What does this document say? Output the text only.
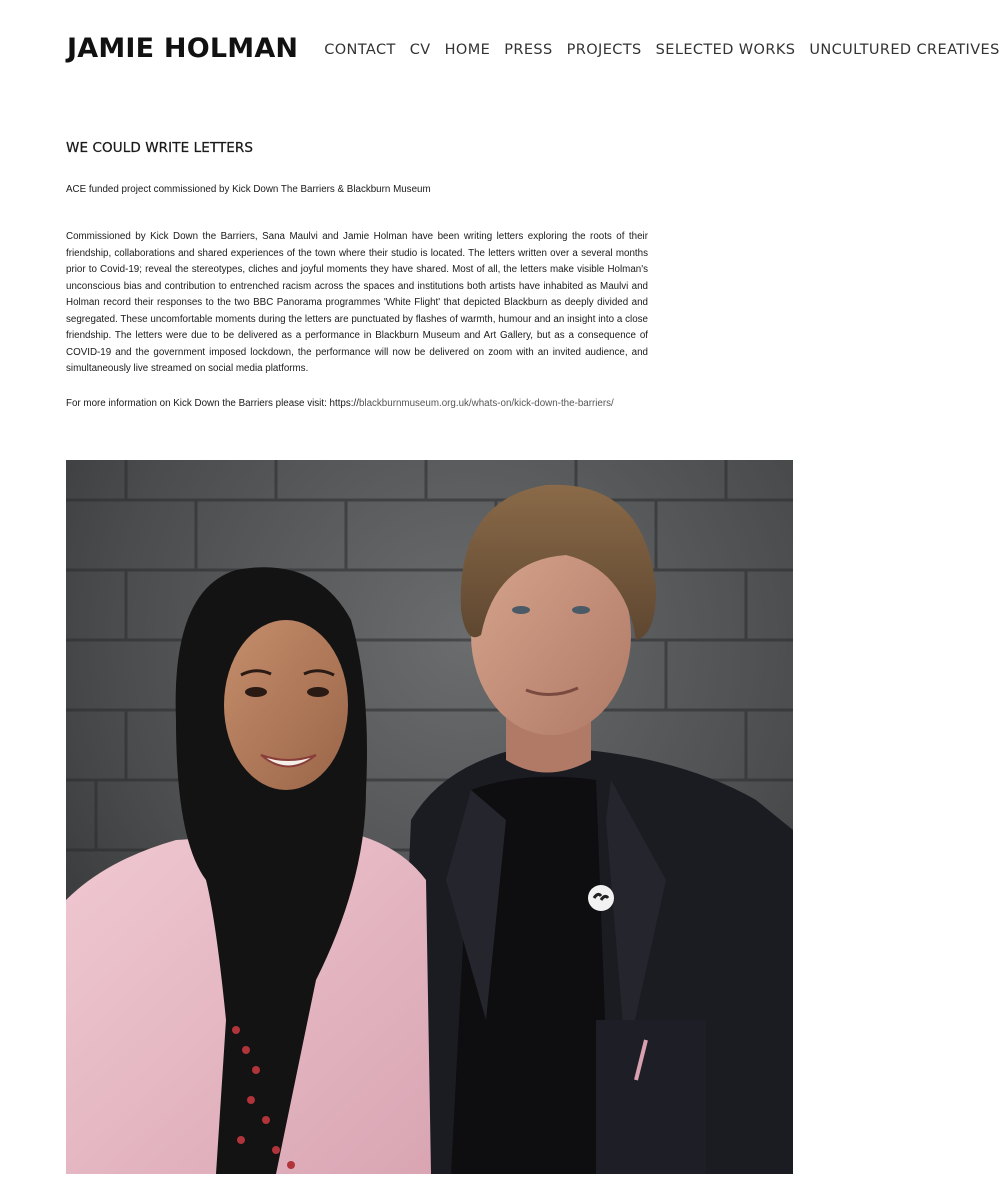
JAMIE HOLMAN CONTACT CV HOME PRESS PROJECTS SELECTED WORKS UNCULTURED CREATIVES
WE COULD WRITE LETTERS

ACE funded project commissioned by Kick Down The Barriers & Blackburn Museum

Commissioned by Kick Down the Barriers, Sana Maulvi and Jamie Holman have been writing letters exploring the roots of their friendship, collaborations and shared experiences of the town where their studio is located. The letters written over a several months prior to Covid-19; reveal the stereotypes, cliches and joyful moments they have shared. Most of all, the letters make visible Holman's unconscious bias and contribution to entrenched racism across the spaces and institutions both artists have inhabited as Maulvi and Holman record their responses to the two BBC Panorama programmes 'White Flight' that depicted Blackburn as deeply divided and segregated. These uncomfortable moments during the letters are punctuated by flashes of warmth, humour and an insight into a close friendship. The letters were due to be delivered as a performance in Blackburn Museum and Art Gallery, but as a consequence of COVID-19 and the government imposed lockdown, the performance will now be delivered on zoom with an invited audience, and simultaneously live streamed on social media platforms.

For more information on Kick Down the Barriers please visit: https://blackburnmuseum.org.uk/whats-on/kick-down-the-barriers/
